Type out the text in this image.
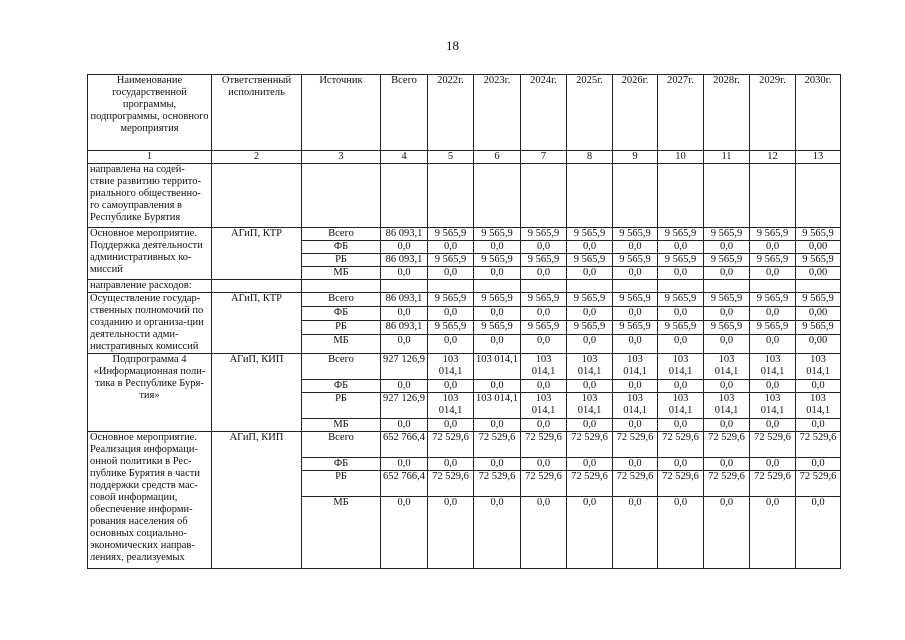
18
Наименование государственной программы, подпрограммы, основного мероприятия	Ответственный исполнитель	Источник	Всего	2022г.	2023г.	2024г.	2025г.	2026г.	2027г.	2028г.	2029г.	2030г.
1	2	3	4	5	6	7	8	9	10	11	12	13
направлена на содей-ствие развитию террито-риального общественно-го самоуправления в Республике Бурятия												
Основное мероприятие. Поддержка деятельности административных ко-миссий	АГиП, КТР	Всего	86 093,1	9 565,9	9 565,9	9 565,9	9 565,9	9 565,9	9 565,9	9 565,9	9 565,9	9 565,9
		ФБ	0,0	0,0	0,0	0,0	0,0	0,0	0,0	0,0	0,0	0,00
		РБ	86 093,1	9 565,9	9 565,9	9 565,9	9 565,9	9 565,9	9 565,9	9 565,9	9 565,9	9 565,9
		МБ	0,0	0,0	0,0	0,0	0,0	0,0	0,0	0,0	0,0	0,00
направление расходов:												
Осуществление государ-ственных полномочий по созданию и организа-ции деятельности адми-нистративных комиссий	АГиП, КТР	Всего	86 093,1	9 565,9	9 565,9	9 565,9	9 565,9	9 565,9	9 565,9	9 565,9	9 565,9	9 565,9
		ФБ	0,0	0,0	0,0	0,0	0,0	0,0	0,0	0,0	0,0	0,00
		РБ	86 093,1	9 565,9	9 565,9	9 565,9	9 565,9	9 565,9	9 565,9	9 565,9	9 565,9	9 565,9
		МБ	0,0	0,0	0,0	0,0	0,0	0,0	0,0	0,0	0,0	0,00
Подпрограмма 4 «Информационная поли-тика в Республике Буря-тия»	АГиП, КИП	Всего	927 126,9	103 014,1	103 014,1	103 014,1	103 014,1	103 014,1	103 014,1	103 014,1	103 014,1	103 014,1
		ФБ	0,0	0,0	0,0	0,0	0,0	0,0	0,0	0,0	0,0	0,0
		РБ	927 126,9	103 014,1	103 014,1	103 014,1	103 014,1	103 014,1	103 014,1	103 014,1	103 014,1	103 014,1
		МБ	0,0	0,0	0,0	0,0	0,0	0,0	0,0	0,0	0,0	0,0
Основное мероприятие. Реализация информаци-онной политики в Рес-публике Бурятия в части поддержки средств мас-совой информации, обеспечение информи-рования населения об основных социально-экономических направ-лениях, реализуемых	АГиП, КИП	Всего	652 766,4	72 529,6	72 529,6	72 529,6	72 529,6	72 529,6	72 529,6	72 529,6	72 529,6	72 529,6
		ФБ	0,0	0,0	0,0	0,0	0,0	0,0	0,0	0,0	0,0	0,0
		РБ	652 766,4	72 529,6	72 529,6	72 529,6	72 529,6	72 529,6	72 529,6	72 529,6	72 529,6	72 529,6
		МБ	0,0	0,0	0,0	0,0	0,0	0,0	0,0	0,0	0,0	0,0
